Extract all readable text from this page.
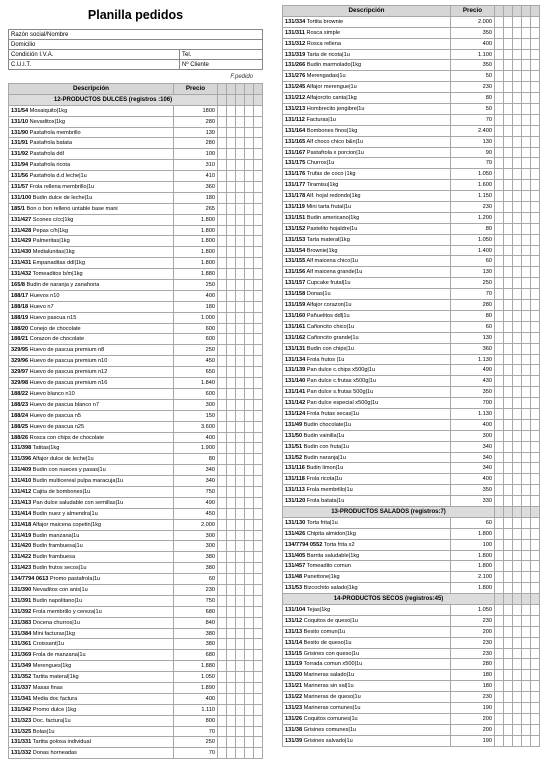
Planilla pedidos
Razón social/Nombre	
Domicilio	
Condición I.V.A.	Tel.
C.U.I.T.	Nº Cliente
F.pedido
Descripción	Precio
12-PRODUCTOS DULCES (registros :106)
131/54 Mosaiquito|1kg	1800
131/10 Nevaditos|1kg	280
131/90 Pastafrola membrillo	130
131/91 Pastafrola batata	280
131/92 Pastafrola ddl	100
131/94 Pastafrola ricota	310
131/56 Pastafrola d.d leche|1u	410
131/57 Frola rellena membrillo|1u	360
131/100 Budin dulce de leche|1u	180
185/1 Bon o bon relleno untable base mani	265
131/427 Scones c/cc|1kg	1.800
131/428 Pepas c/h|1kg	1.800
131/429 Palmeritas|1kg	1.800
131/430 Medialunitas|1kg	1.800
131/431 Empanaditas ddl|1kg	1.800
131/432 Tomeaditos b/m|1kg	1.880
165/8 Budin de naranja y zanahoria	250
188/17 Huevos n10	400
188/18 Huevo n7	180
188/19 Huevo pascua n15	1.000
188/20 Conejo de chocolate	600
188/21 Corazon de chocolate	600
329/95 Huevo de pascua premium n8	250
329/96 Huevo de pascua premium n10	450
329/97 Huevo de pascua premium n12	650
329/98 Huevo de pascua premium n16	1.840
188/22 Huevo blanco n10	600
188/23 Huevo de pascua blanco n7	300
188/24 Huevo de pascua n5	150
188/25 Huevo de pascua n25	3.600
188/26 Rosca con chips de chocolate	400
131/398 Tatitas|1kg	1.900
131/396 Alfajor dulce de leche|1u	80
131/409 Budin con nueces y pasas|1u	340
131/410 Budin multicereal pulpa maracuja|1u	340
131/412 Cajita de bombones|1u	750
131/413 Pan dulce saludable con semillas|1u	490
131/414 Budin nuez y almendra|1u	450
131/418 Alfajor maicena copetin|1kg	2.000
131/419 Budin manzana|1u	300
131/420 Budin frambuesa|1u	300
131/422 Budin frambuesa	380
131/423 Budin frutos secos|1u	380
134/7794 0613 Promo pastafrola|1u	60
131/390 Nevaditos con anis|1u	230
131/391 Budin napolitano|1u	750
131/392 Frola membrillo y cereza|1u	680
131/383 Docena churros|1u	840
131/384 Mini facturas|1kg	380
131/361 Croissant|1u	380
131/369 Frola de manzana|1u	680
131/349 Merengues|1kg	1.880
131/352 Tartita materal|1kg	1.050
131/337 Masas finas	1.890
131/341 Media doc factura	400
131/342 Promo dulce |1kg	1.110
131/323 Doc. factura|1u	800
131/325 Bolas|1u	70
131/331 Tartita golosa individual	250
131/332 Donas horneadas	70
Descripción	Precio
131/334 Tortita brownie	2.000
131/311 Rosca simple	350
131/312 Rosca rellena	400
131/319 Tarta de ricota|1u	1.100
131/266 Budin marmolado|1kg	350
131/276 Merengadas|1u	50
131/245 Alfajor merengue|1u	230
131/212 Alfajorcito canta|1kg	80
131/213 Hombrecito jengibre|1u	50
131/112 Facturas|1u	70
131/164 Bombones finos|1kg	2.400
131/165 Alf choco chico b&n|1u	130
131/167 Pastafrola x porcion|1u	90
131/175 Churros|1u	70
131/176 Trufas de coco |1kg	1.050
131/177 Tiramisu|1kg	1.600
131/178 Alf. hojal redondo|1kg	1.150
131/119 Mini tarta frutal|1u	230
131/151 Budin americano|1kg	1.200
131/152 Pastelito hojaldre|1u	80
131/153 Tarta materal|1kg	1.050
131/154 Brownie|1kg	1.400
131/155 Alf maicena chico|1u	60
131/156 Alf maicena grande|1u	130
131/157 Cupcake frutal|1u	250
131/158 Donas|1u	70
131/159 Alfajor corazon|1u	280
131/160 Pañuelitos ddl|1u	80
131/161 Cañoncito chico|1u	60
131/162 Cañoncito grande|1u	130
131/131 Budin con chips|1u	360
131/134 Frola frutos |1u	1.130
131/139 Pan dulce c.chips x500g|1u	490
131/140 Pan dulce c.frutas x500g|1u	430
131/141 Pan dulce s.frutas 500g|1u	350
131/142 Pan dulce especial x500g|1u	700
131/124 Frola frutas secas|1u	1.130
131/49 Budin chocolate|1u	400
131/50 Budin vainilla|1u	300
131/51 Budin con fruta|1u	340
131/52 Budin naranja|1u	340
131/116 Budin limon|1u	340
131/118 Frola ricota|1u	400
131/113 Frola membrillo|1u	350
131/120 Frola batata|1u	330
13-PRODUCTOS SALADOS (registros:7)
131/130 Torta frita|1u	60
131/426 Chipita almidon|1kg	1.800
134/7794 0552 Torta frita x2	100
131/405 Barrita saludable|1kg	1.800
131/457 Tomeadito comun	1.800
131/48 Panettone|1kg	2.100
131/53 Bizcochito salado|1kg	1.800
14-PRODUCTOS SECOS (registros:45)
131/104 Tejas|1kg	1.050
131/12 Coquitos de queso|1u	230
131/13 Besito comun|1u	200
131/14 Besito de queso|1u	230
131/15 Grisines con queso|1u	230
131/19 Torrada comun x500|1u	280
131/20 Marineras salado|1u	180
131/21 Marineras sin sal|1u	180
131/22 Marineras de queso|1u	230
131/23 Marineras comunes|1u	190
131/26 Coquitos comunes|1u	200
131/38 Grisines comunes|1u	200
131/39 Grisines salvado|1u	190
